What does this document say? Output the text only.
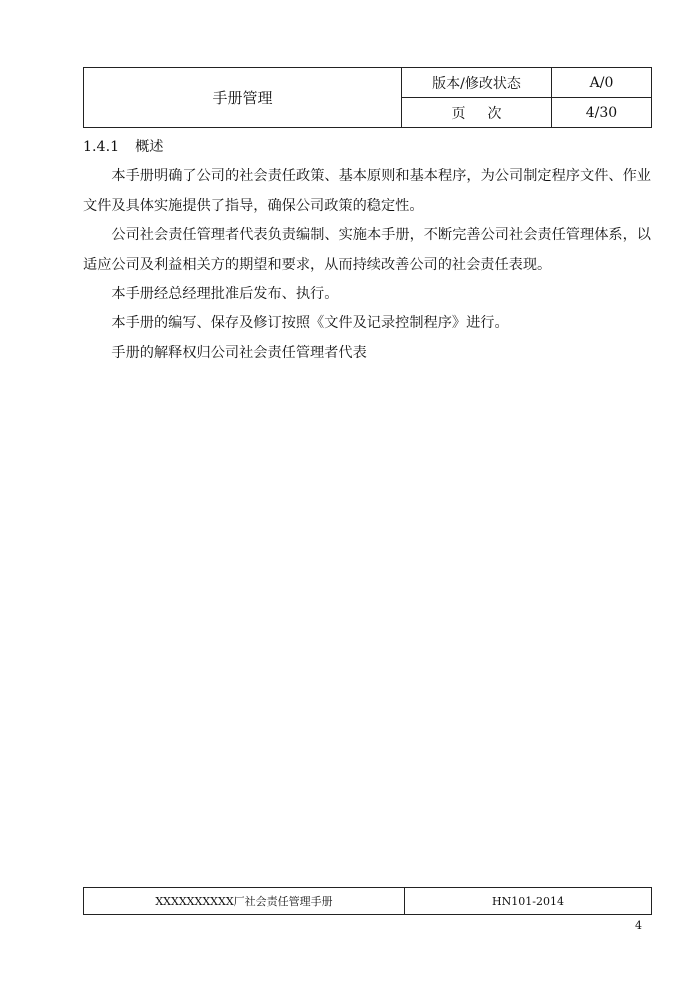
手册管理	版本/修改状态	A/0
	页次	4/30

1.4.1 概述

本手册明确了公司的社会责任政策、基本原则和基本程序，为公司制定程序文件、作业文件及具体实施提供了指导，确保公司政策的稳定性。

公司社会责任管理者代表负责编制、实施本手册，不断完善公司社会责任管理体系，以适应公司及利益相关方的期望和要求，从而持续改善公司的社会责任表现。

本手册经总经理批准后发布、执行。

本手册的编写、保存及修订按照《文件及记录控制程序》进行。

手册的解释权归公司社会责任管理者代表

XXXXXXXXXX厂社会责任管理手册	HN101-2014
4
